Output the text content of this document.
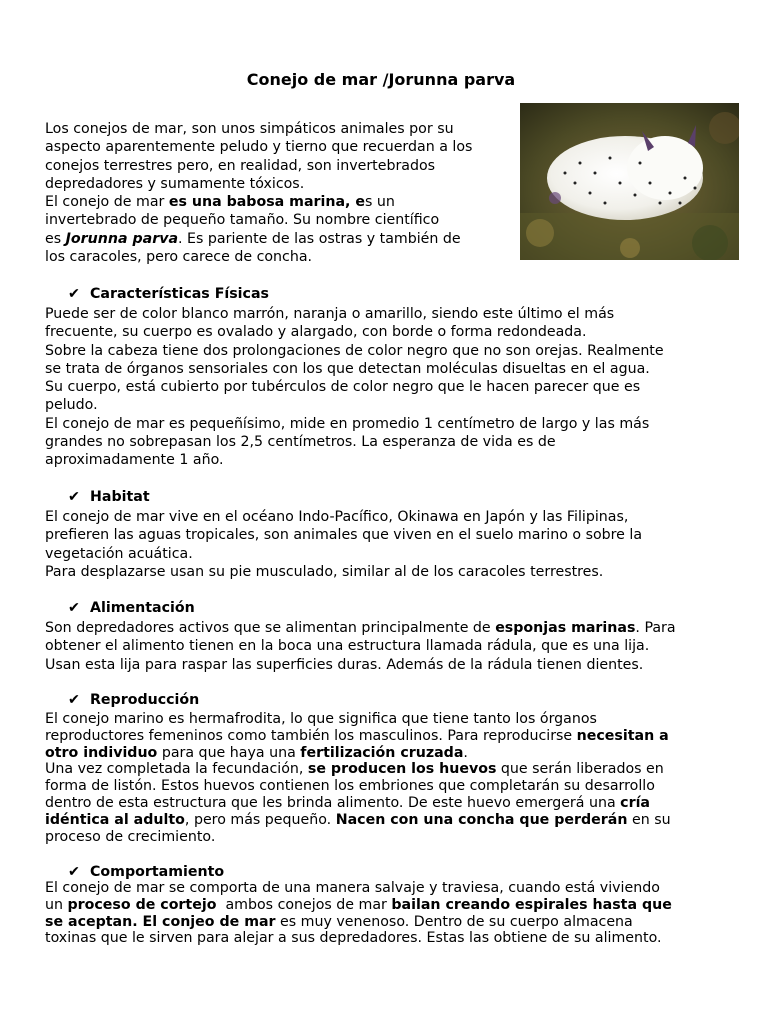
Conejo de mar /Jorunna parva

Los conejos de mar, son unos simpáticos animales por su

aspecto aparentemente peludo y tierno que recuerdan a los

conejos terrestres pero, en realidad, son invertebrados

depredadores y sumamente tóxicos.

El conejo de mar es una babosa marina, es un

invertebrado de pequeño tamaño. Su nombre científico

es Jorunna parva. Es pariente de las ostras y también de

los caracoles, pero carece de concha.

✔ Características Físicas

Puede ser de color blanco marrón, naranja o amarillo, siendo este último el más

frecuente, su cuerpo es ovalado y alargado, con borde o forma redondeada.

Sobre la cabeza tiene dos prolongaciones de color negro que no son orejas. Realmente

se trata de órganos sensoriales con los que detectan moléculas disueltas en el agua.

Su cuerpo, está cubierto por tubérculos de color negro que le hacen parecer que es

peludo.

El conejo de mar es pequeñísimo, mide en promedio 1 centímetro de largo y las más

grandes no sobrepasan los 2,5 centímetros. La esperanza de vida es de

aproximadamente 1 año.

✔ Habitat

El conejo de mar vive en el océano Indo-Pacífico, Okinawa en Japón y las Filipinas,

prefieren las aguas tropicales, son animales que viven en el suelo marino o sobre la

vegetación acuática.

Para desplazarse usan su pie musculado, similar al de los caracoles terrestres.

✔ Alimentación

Son depredadores activos que se alimentan principalmente de esponjas marinas. Para

obtener el alimento tienen en la boca una estructura llamada rádula, que es una lija.

Usan esta lija para raspar las superficies duras. Además de la rádula tienen dientes.

✔ Reproducción

El conejo marino es hermafrodita, lo que significa que tiene tanto los órganos

reproductores femeninos como también los masculinos. Para reproducirse necesitan a

otro individuo para que haya una fertilización cruzada.

Una vez completada la fecundación, se producen los huevos que serán liberados en

forma de listón. Estos huevos contienen los embriones que completarán su desarrollo

dentro de esta estructura que les brinda alimento. De este huevo emergerá una cría

idéntica al adulto, pero más pequeño. Nacen con una concha que perderán en su

proceso de crecimiento.

✔ Comportamiento

El conejo de mar se comporta de una manera salvaje y traviesa, cuando está viviendo

un proceso de cortejo  ambos conejos de mar bailan creando espirales hasta que

se aceptan. El conjeo de mar es muy venenoso. Dentro de su cuerpo almacena

toxinas que le sirven para alejar a sus depredadores. Estas las obtiene de su alimento.
